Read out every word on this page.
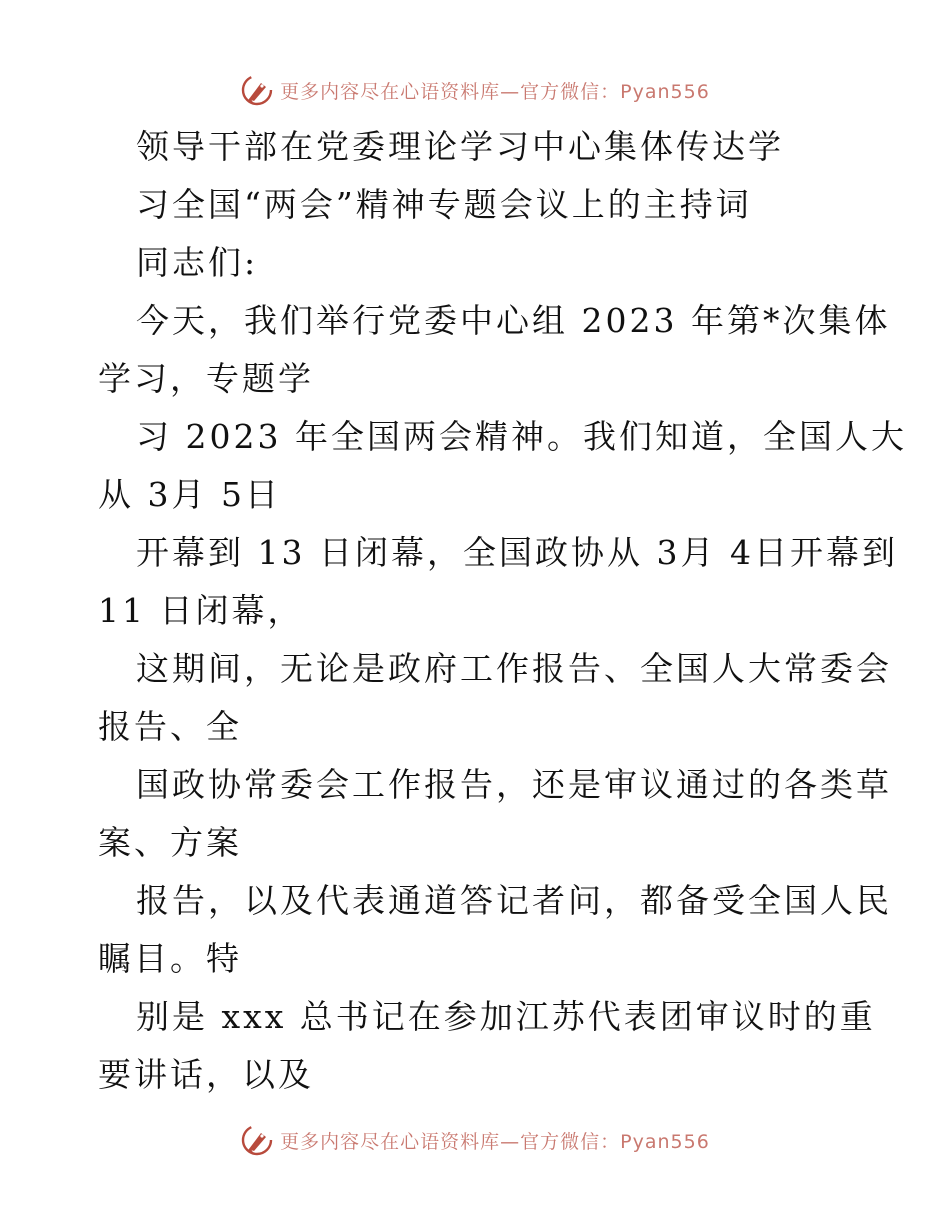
更多内容尽在心语资料库—官方微信：Pyan556
领导干部在党委理论学习中心集体传达学
习全国“两会”精神专题会议上的主持词
同志们:
今天，我们举行党委中心组 2023 年第*次集体
学习，专题学
习 2023 年全国两会精神。我们知道，全国人大
从 3月 5日
开幕到 13 日闭幕，全国政协从 3月 4日开幕到
11 日闭幕，
这期间，无论是政府工作报告、全国人大常委会
报告、全
国政协常委会工作报告，还是审议通过的各类草
案、方案
报告，以及代表通道答记者问，都备受全国人民
瞩目。特
别是 xxx 总书记在参加江苏代表团审议时的重
要讲话，以及
更多内容尽在心语资料库—官方微信：Pyan556
